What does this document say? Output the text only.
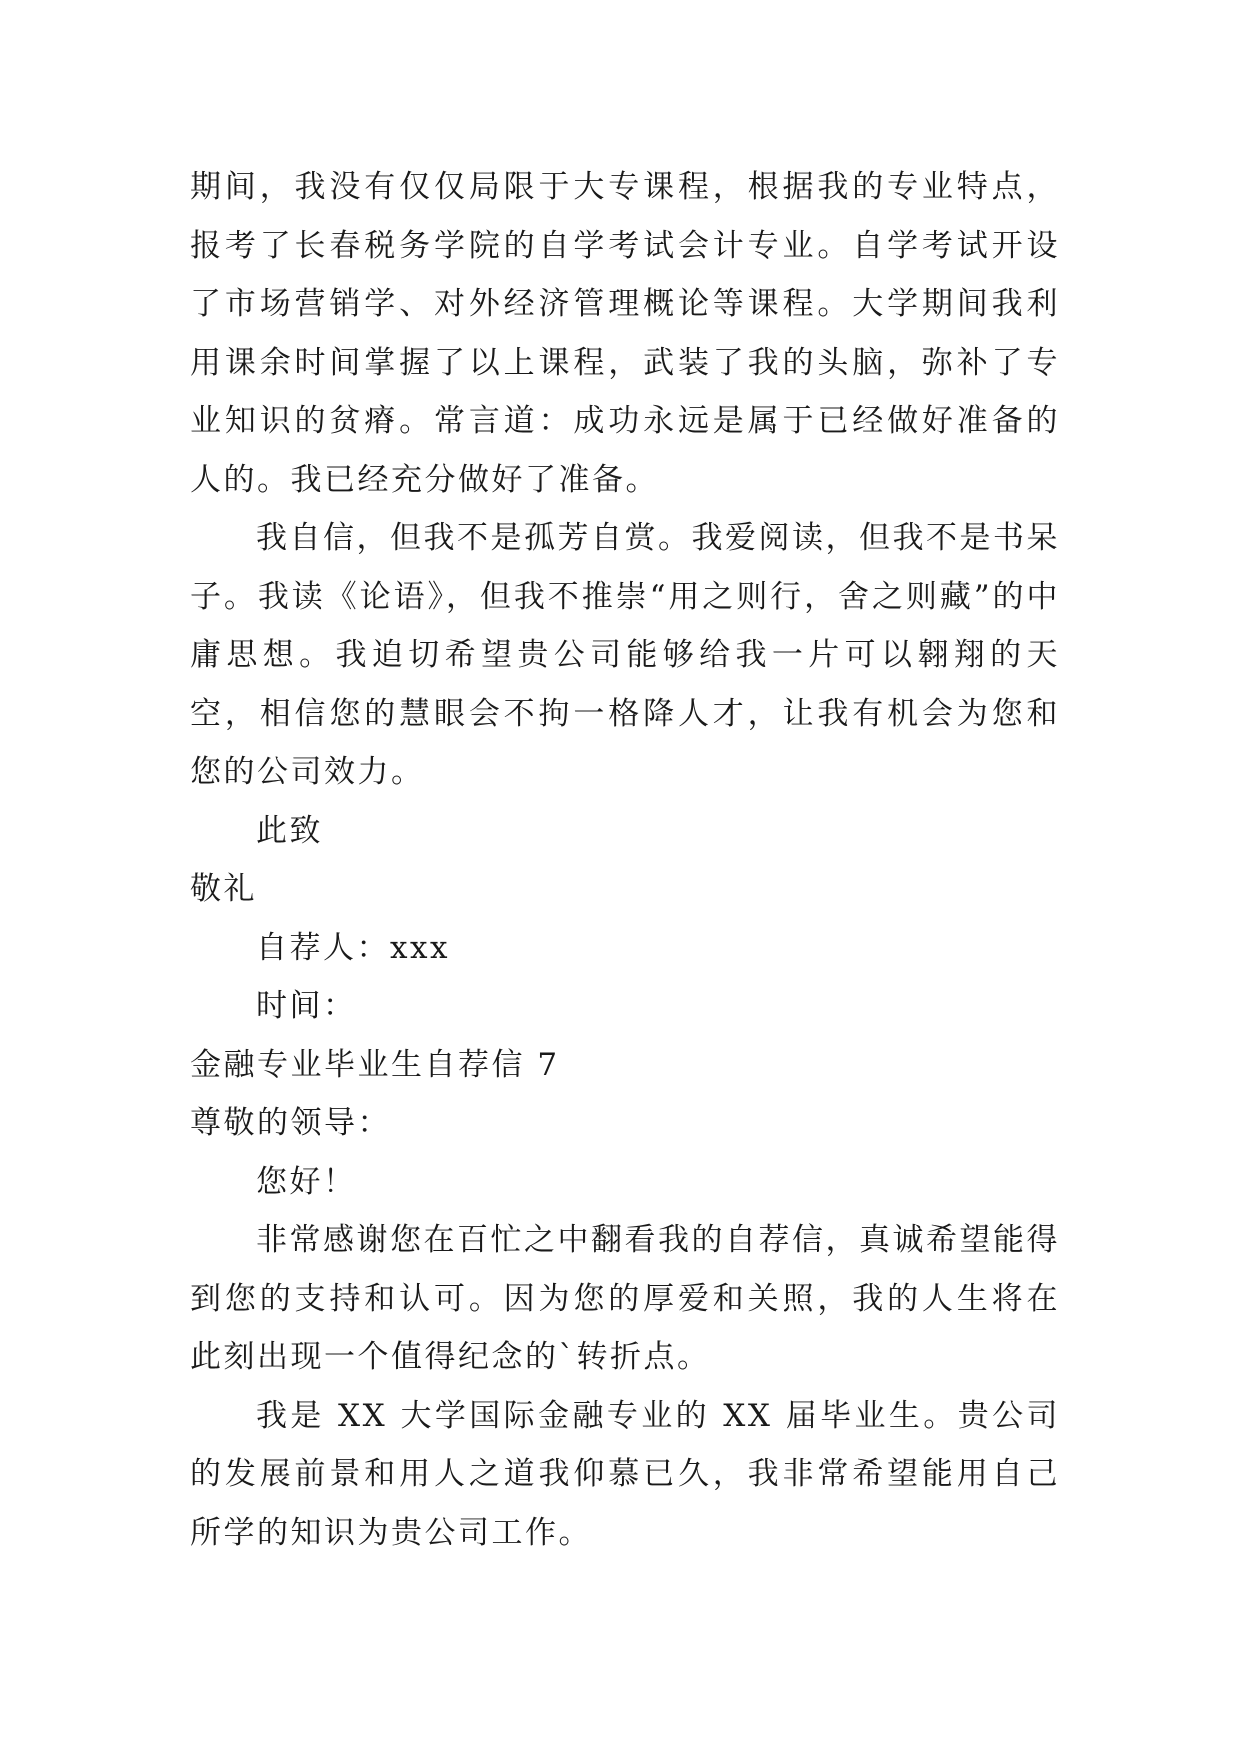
期间，我没有仅仅局限于大专课程，根据我的专业特点，报考了长春税务学院的自学考试会计专业。自学考试开设了市场营销学、对外经济管理概论等课程。大学期间我利用课余时间掌握了以上课程，武装了我的头脑，弥补了专业知识的贫瘠。常言道：成功永远是属于已经做好准备的人的。我已经充分做好了准备。

我自信，但我不是孤芳自赏。我爱阅读，但我不是书呆子。我读《论语》，但我不推崇“用之则行，舍之则藏”的中庸思想。我迫切希望贵公司能够给我一片可以翱翔的天空，相信您的慧眼会不拘一格降人才，让我有机会为您和您的公司效力。

此致

敬礼

自荐人：xxx

时间：

金融专业毕业生自荐信 7

尊敬的领导：

您好！

非常感谢您在百忙之中翻看我的自荐信，真诚希望能得到您的支持和认可。因为您的厚爱和关照，我的人生将在此刻出现一个值得纪念的`转折点。

我是 XX 大学国际金融专业的 XX 届毕业生。贵公司的发展前景和用人之道我仰慕已久，我非常希望能用自己所学的知识为贵公司工作。
